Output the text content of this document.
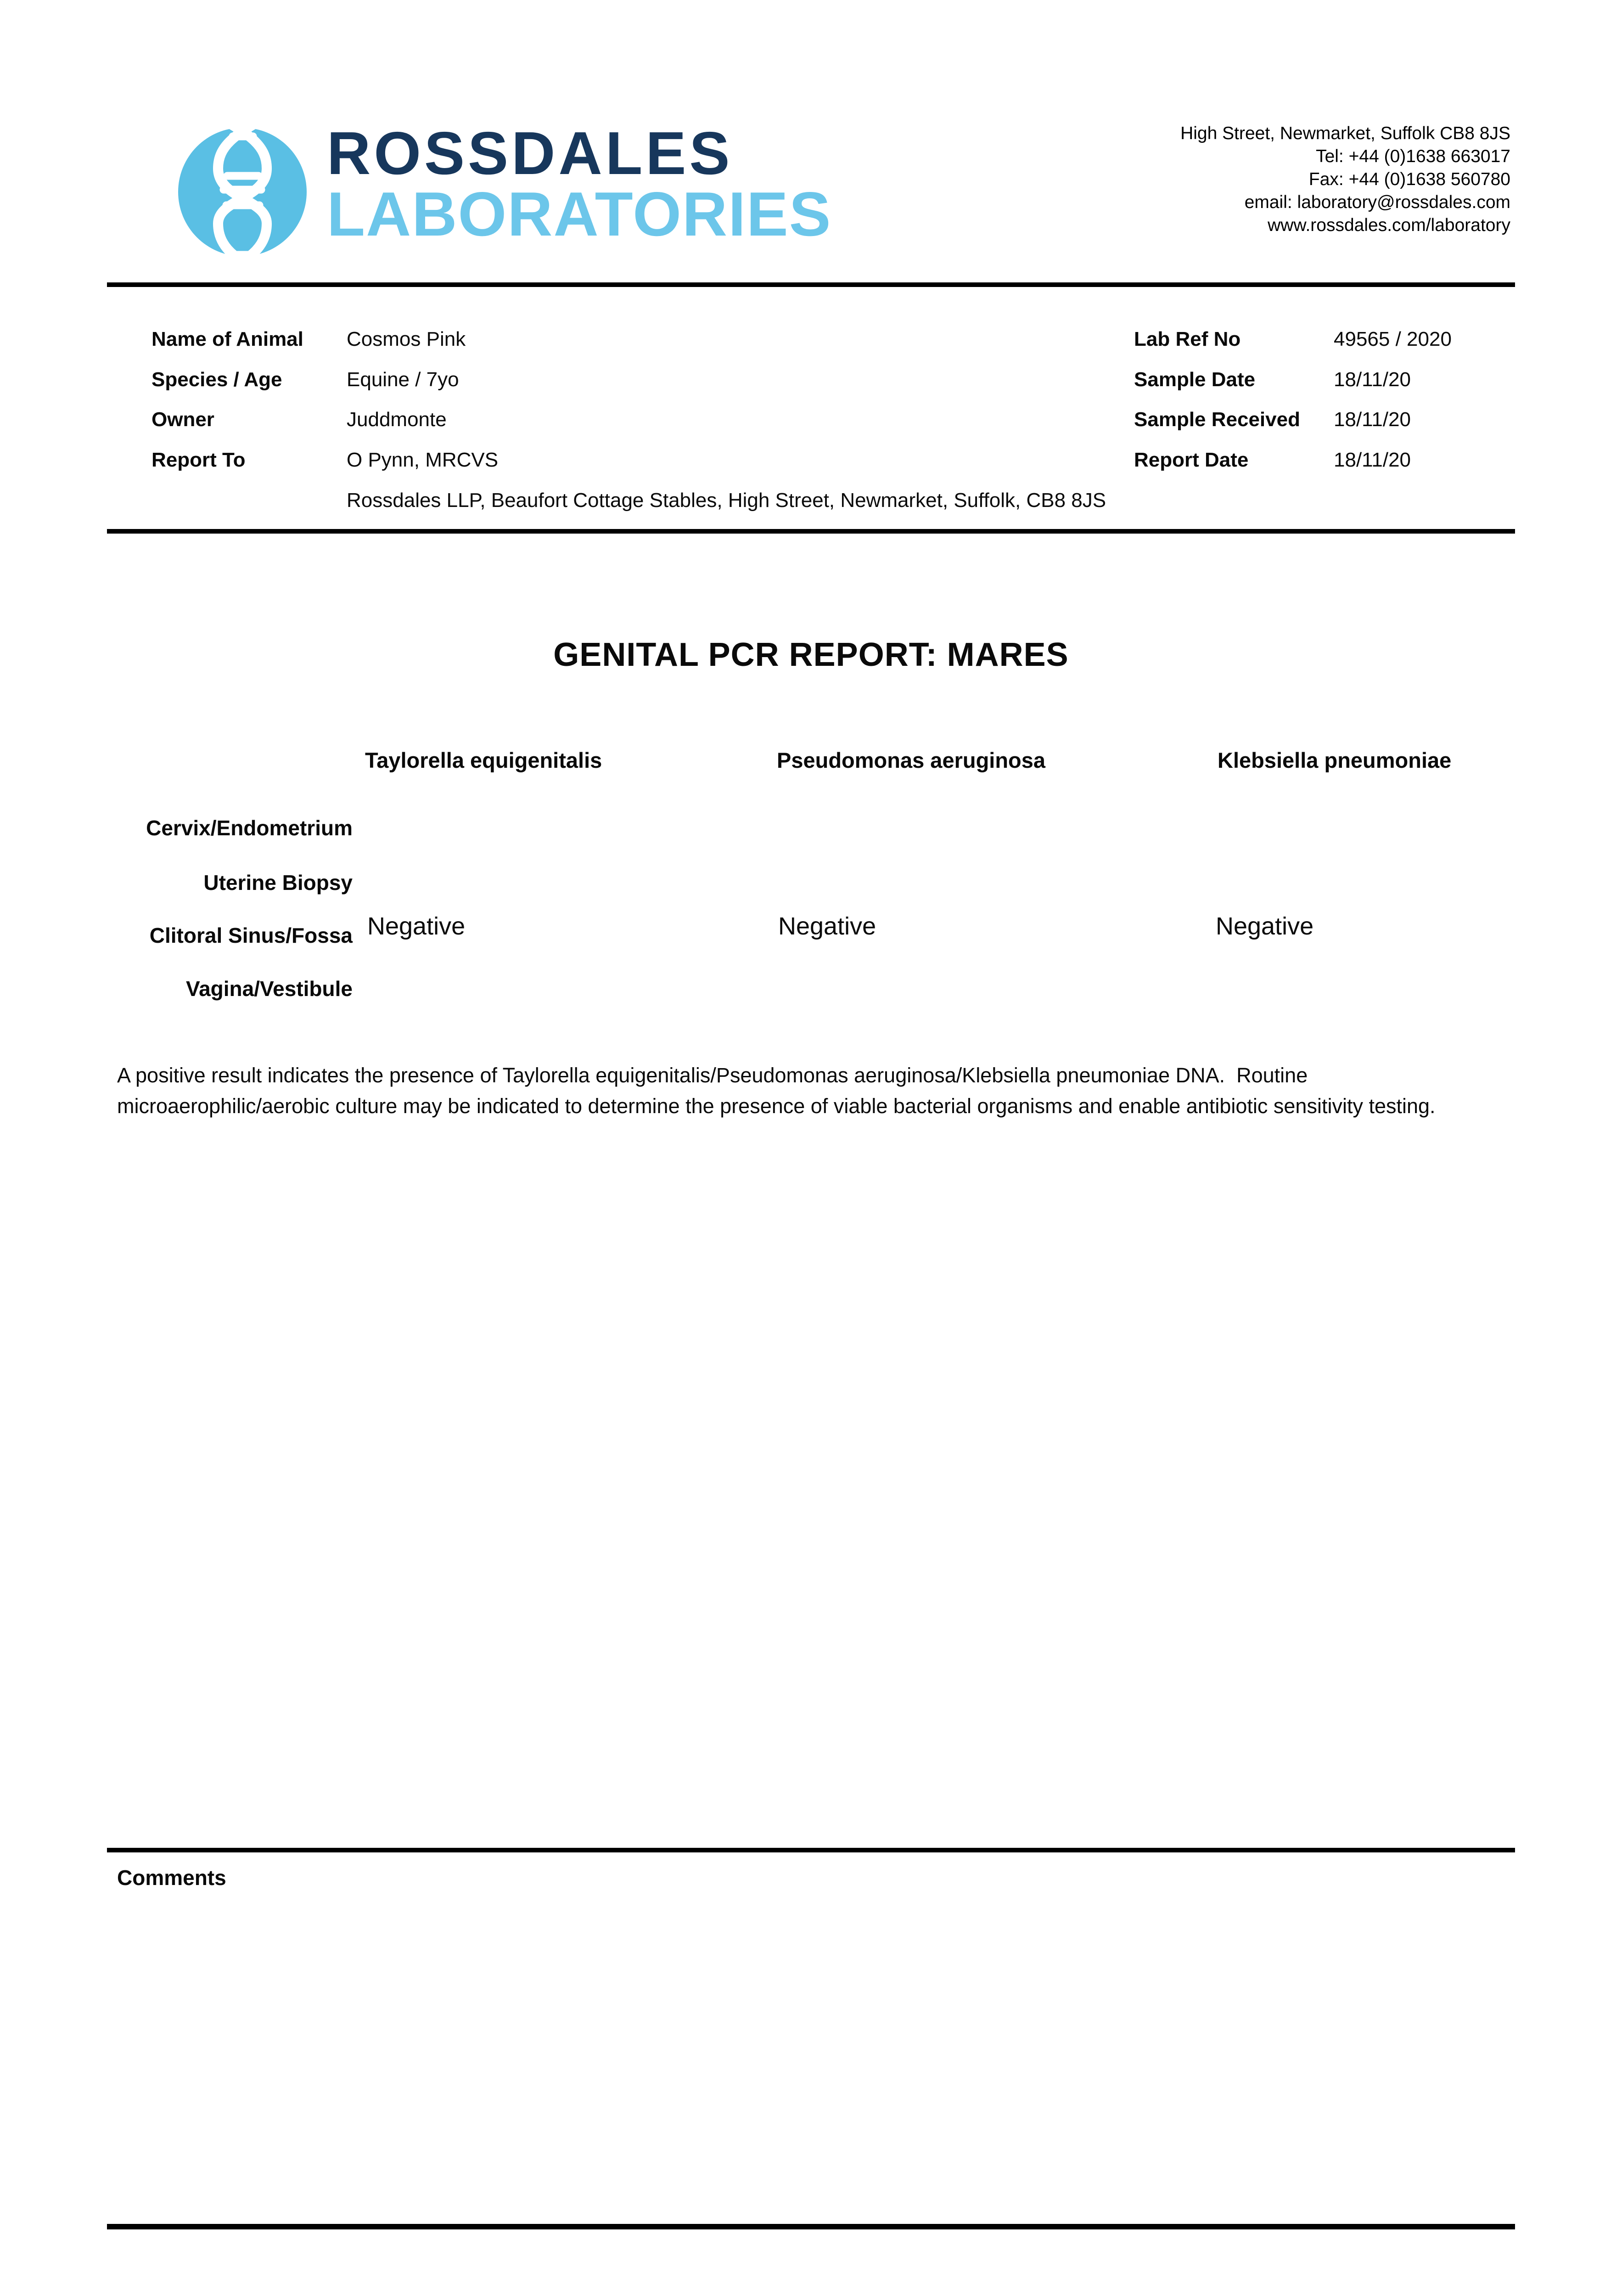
ROSSDALES
LABORATORIES
High Street, Newmarket, Suffolk CB8 8JS
Tel: +44 (0)1638 663017
Fax: +44 (0)1638 560780
email: laboratory@rossdales.com
www.rossdales.com/laboratory
Name of Animal	Cosmos Pink
Species / Age	Equine / 7yo
Owner	Juddmonte
Report To	O Pynn, MRCVS
Rossdales LLP, Beaufort Cottage Stables, High Street, Newmarket, Suffolk, CB8 8JS
Lab Ref No	49565 / 2020
Sample Date	18/11/20
Sample Received	18/11/20
Report Date	18/11/20
GENITAL PCR REPORT: MARES
Taylorella equigenitalis	Pseudomonas aeruginosa	Klebsiella pneumoniae
Cervix/Endometrium
Uterine Biopsy
Clitoral Sinus/Fossa
Vagina/Vestibule
Negative	Negative	Negative
A positive result indicates the presence of Taylorella equigenitalis/Pseudomonas aeruginosa/Klebsiella pneumoniae DNA.  Routine microaerophilic/aerobic culture may be indicated to determine the presence of viable bacterial organisms and enable antibiotic sensitivity testing.
Comments
